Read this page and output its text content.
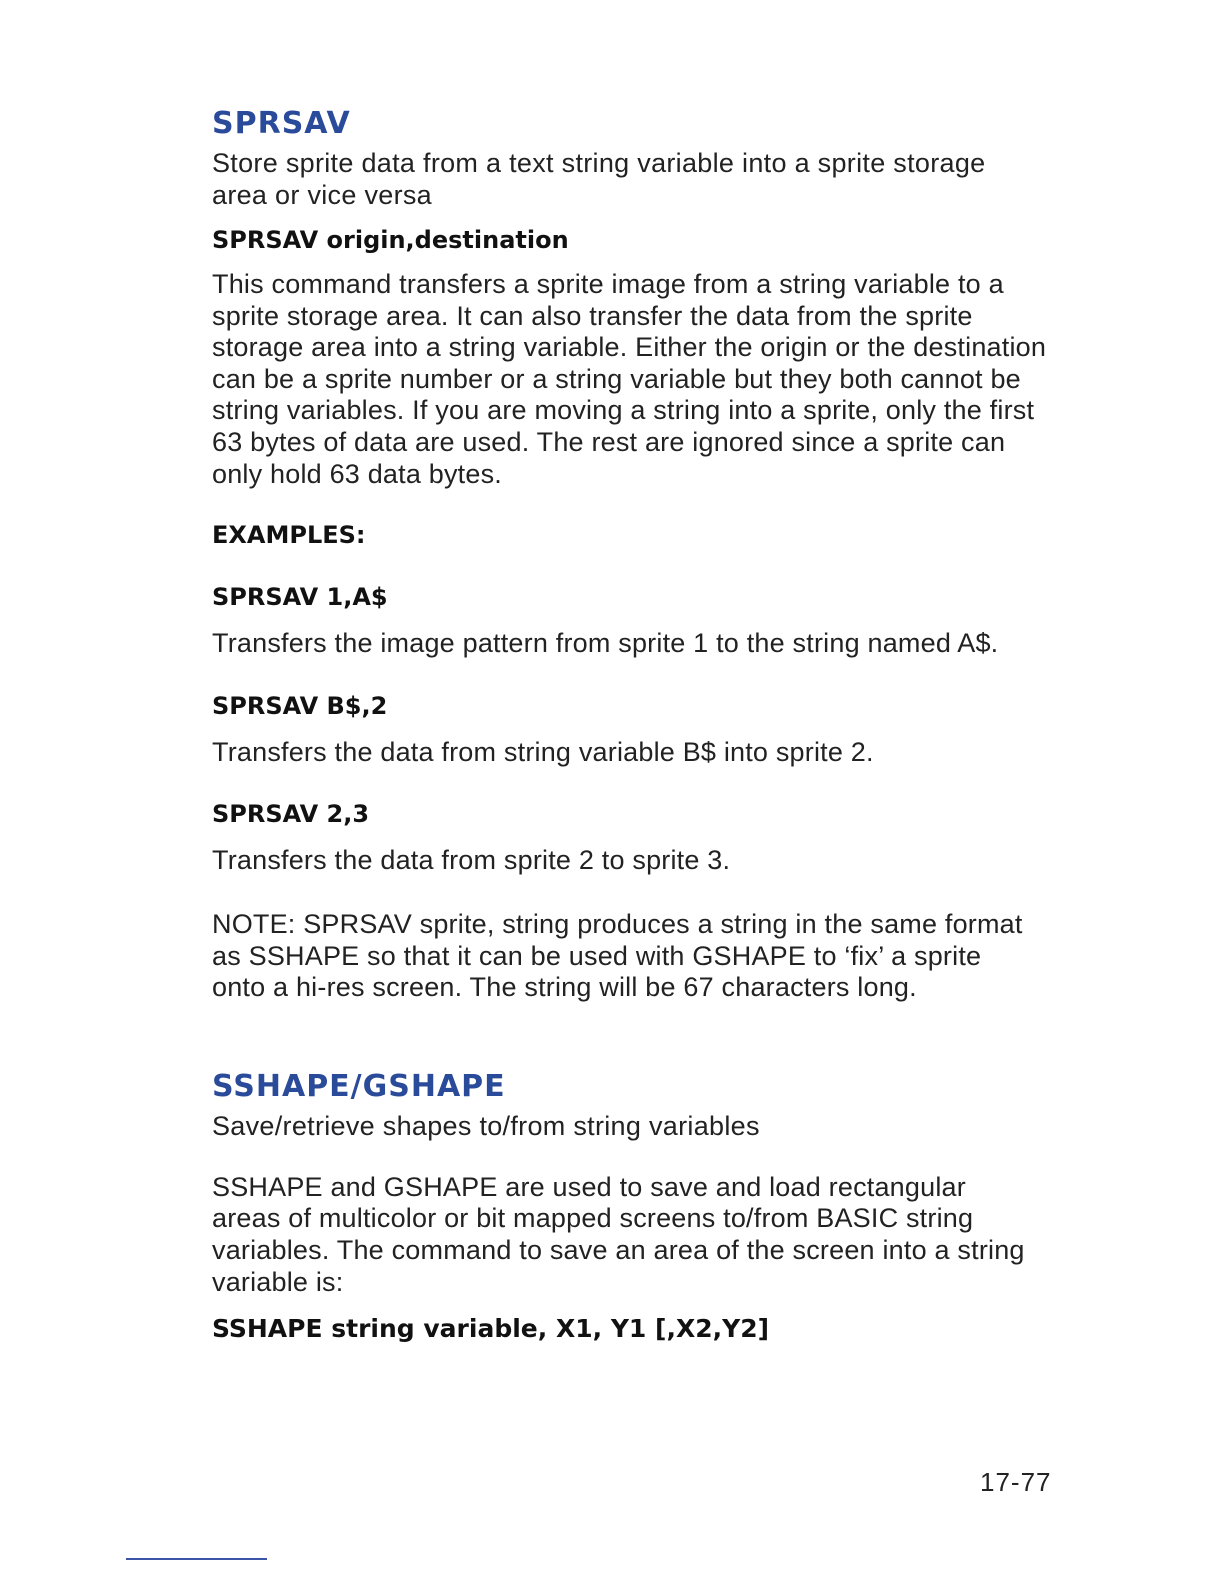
SPRSAV

Store sprite data from a text string variable into a sprite storage area or vice versa

SPRSAV origin,destination

This command transfers a sprite image from a string variable to a sprite storage area. It can also transfer the data from the sprite storage area into a string variable. Either the origin or the destination can be a sprite number or a string variable but they both cannot be string variables. If you are moving a string into a sprite, only the first 63 bytes of data are used. The rest are ignored since a sprite can only hold 63 data bytes.

EXAMPLES:

SPRSAV 1,A$

Transfers the image pattern from sprite 1 to the string named A$.

SPRSAV B$,2

Transfers the data from string variable B$ into sprite 2.

SPRSAV 2,3

Transfers the data from sprite 2 to sprite 3.

NOTE: SPRSAV sprite, string produces a string in the same format as SSHAPE so that it can be used with GSHAPE to ‘fix’ a sprite onto a hi-res screen. The string will be 67 characters long.

SSHAPE/GSHAPE

Save/retrieve shapes to/from string variables

SSHAPE and GSHAPE are used to save and load rectangular areas of multicolor or bit mapped screens to/from BASIC string variables. The command to save an area of the screen into a string variable is:

SSHAPE string variable, X1, Y1 [,X2,Y2]

17-77
